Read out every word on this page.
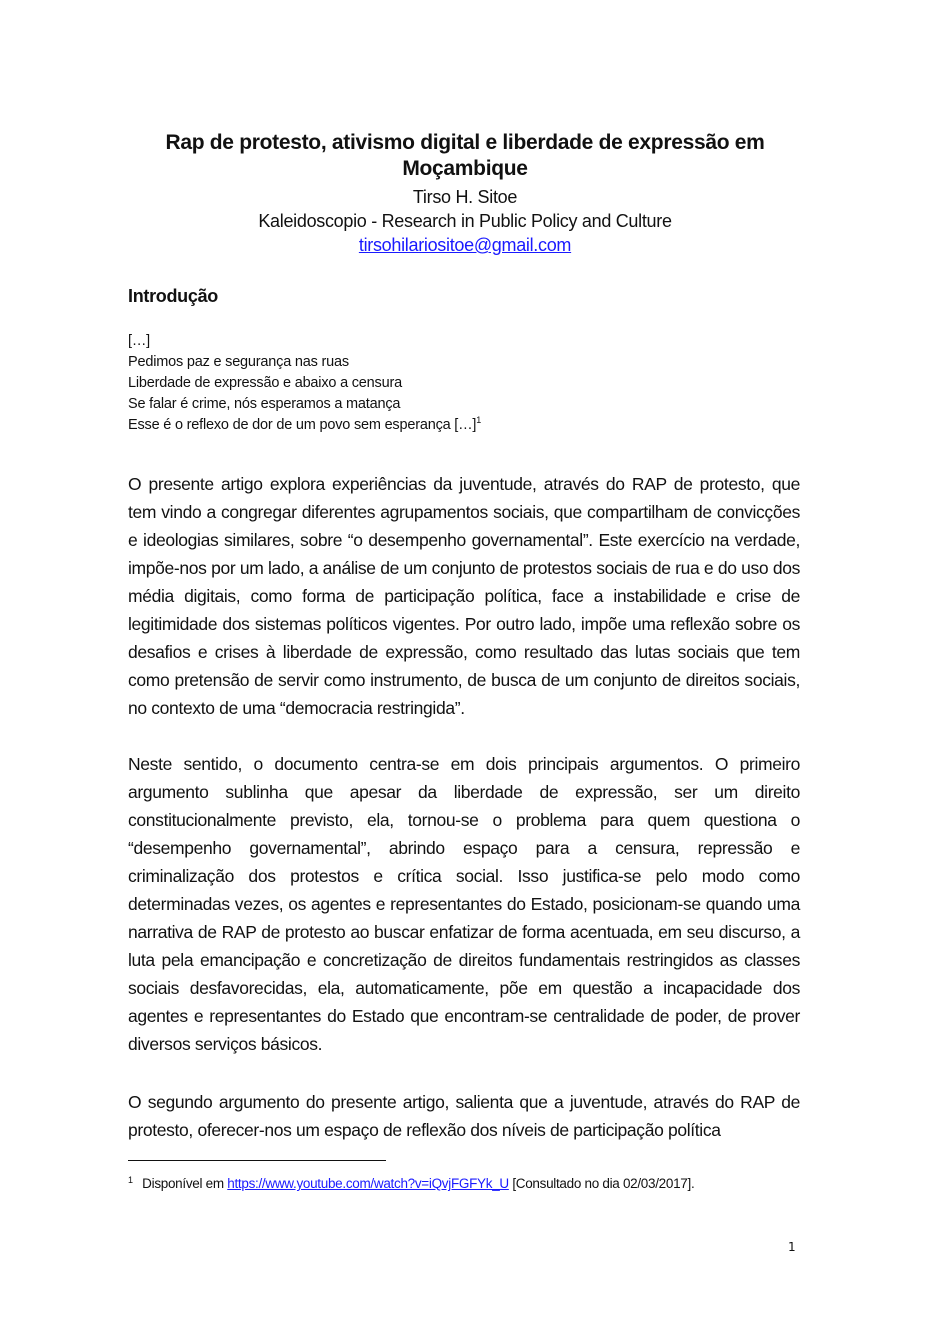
Rap de protesto, ativismo digital e liberdade de expressão em Moçambique
Tirso H. Sitoe
Kaleidoscopio - Research in Public Policy and Culture
tirsohilariositoe@gmail.com
Introdução
[…]
Pedimos paz e segurança nas ruas
Liberdade de expressão e abaixo a censura
Se falar é crime, nós esperamos a matança
Esse é o reflexo de dor de um povo sem esperança […]$^1$

O presente artigo explora experiências da juventude, através do RAP de protesto, que tem vindo a congregar diferentes agrupamentos sociais, que compartilham de convicções e ideologias similares, sobre “o desempenho governamental”. Este exercício na verdade, impõe-nos por um lado, a análise de um conjunto de protestos sociais de rua e do uso dos média digitais, como forma de participação política, face a instabilidade e crise de legitimidade dos sistemas políticos vigentes. Por outro lado, impõe uma reflexão sobre os desafios e crises à liberdade de expressão, como resultado das lutas sociais que tem como pretensão de servir como instrumento, de busca de um conjunto de direitos sociais, no contexto de uma “democracia restringida”.

Neste sentido, o documento centra-se em dois principais argumentos. O primeiro argumento sublinha que apesar da liberdade de expressão, ser um direito constitucionalmente previsto, ela, tornou-se o problema para quem questiona o “desempenho governamental”, abrindo espaço para a censura, repressão e criminalização dos protestos e crítica social. Isso justifica-se pelo modo como determinadas vezes, os agentes e representantes do Estado, posicionam-se quando uma narrativa de RAP de protesto ao buscar enfatizar de forma acentuada, em seu discurso, a luta pela emancipação e concretização de direitos fundamentais restringidos as classes sociais desfavorecidas, ela, automaticamente, põe em questão a incapacidade dos agentes e representantes do Estado que encontram-se centralidade de poder, de prover diversos serviços básicos.

O segundo argumento do presente artigo, salienta que a juventude, através do RAP de protesto, oferecer-nos um espaço de reflexão dos níveis de participação política

$^1$ Disponível em https://www.youtube.com/watch?v=iQvjFGFYk_U [Consultado no dia 02/03/2017].
1
